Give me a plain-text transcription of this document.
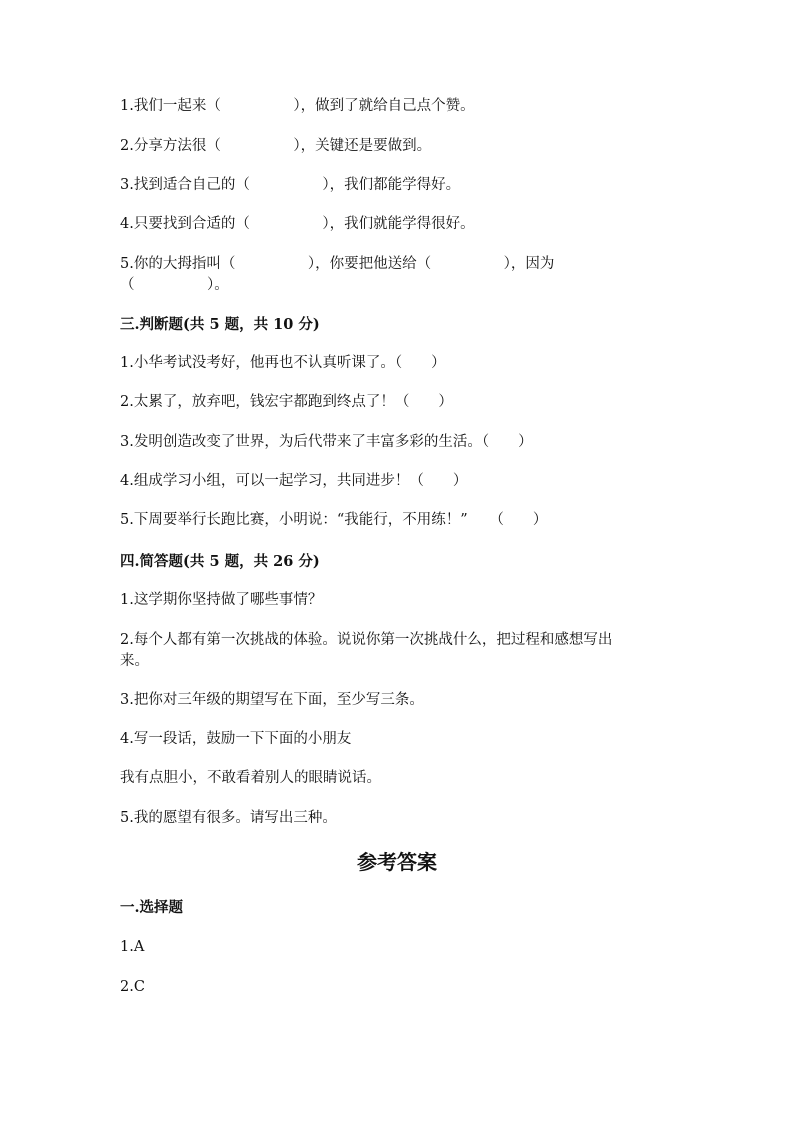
1.我们一起来（　　　　　），做到了就给自己点个赞。
2.分享方法很（　　　　　），关键还是要做到。
3.找到适合自己的（　　　　　），我们都能学得好。
4.只要找到合适的（　　　　　），我们就能学得很好。
5.你的大拇指叫（　　　　　），你要把他送给（　　　　　），因为
（　　　　　）。
三.判断题(共 5 题，共 10 分)
1.小华考试没考好，他再也不认真听课了。（　　）
2.太累了，放弃吧，钱宏宇都跑到终点了！（　　）
3.发明创造改变了世界，为后代带来了丰富多彩的生活。（　　）
4.组成学习小组，可以一起学习，共同进步！（　　）
5.下周要举行长跑比赛，小明说：“我能行，不用练！”　　（　　）
四.简答题(共 5 题，共 26 分)
1.这学期你坚持做了哪些事情？
2.每个人都有第一次挑战的体验。说说你第一次挑战什么，把过程和感想写出
来。
3.把你对三年级的期望写在下面，至少写三条。
4.写一段话，鼓励一下下面的小朋友
我有点胆小，不敢看着别人的眼睛说话。
5.我的愿望有很多。请写出三种。
参考答案
一.选择题
1.A
2.C
